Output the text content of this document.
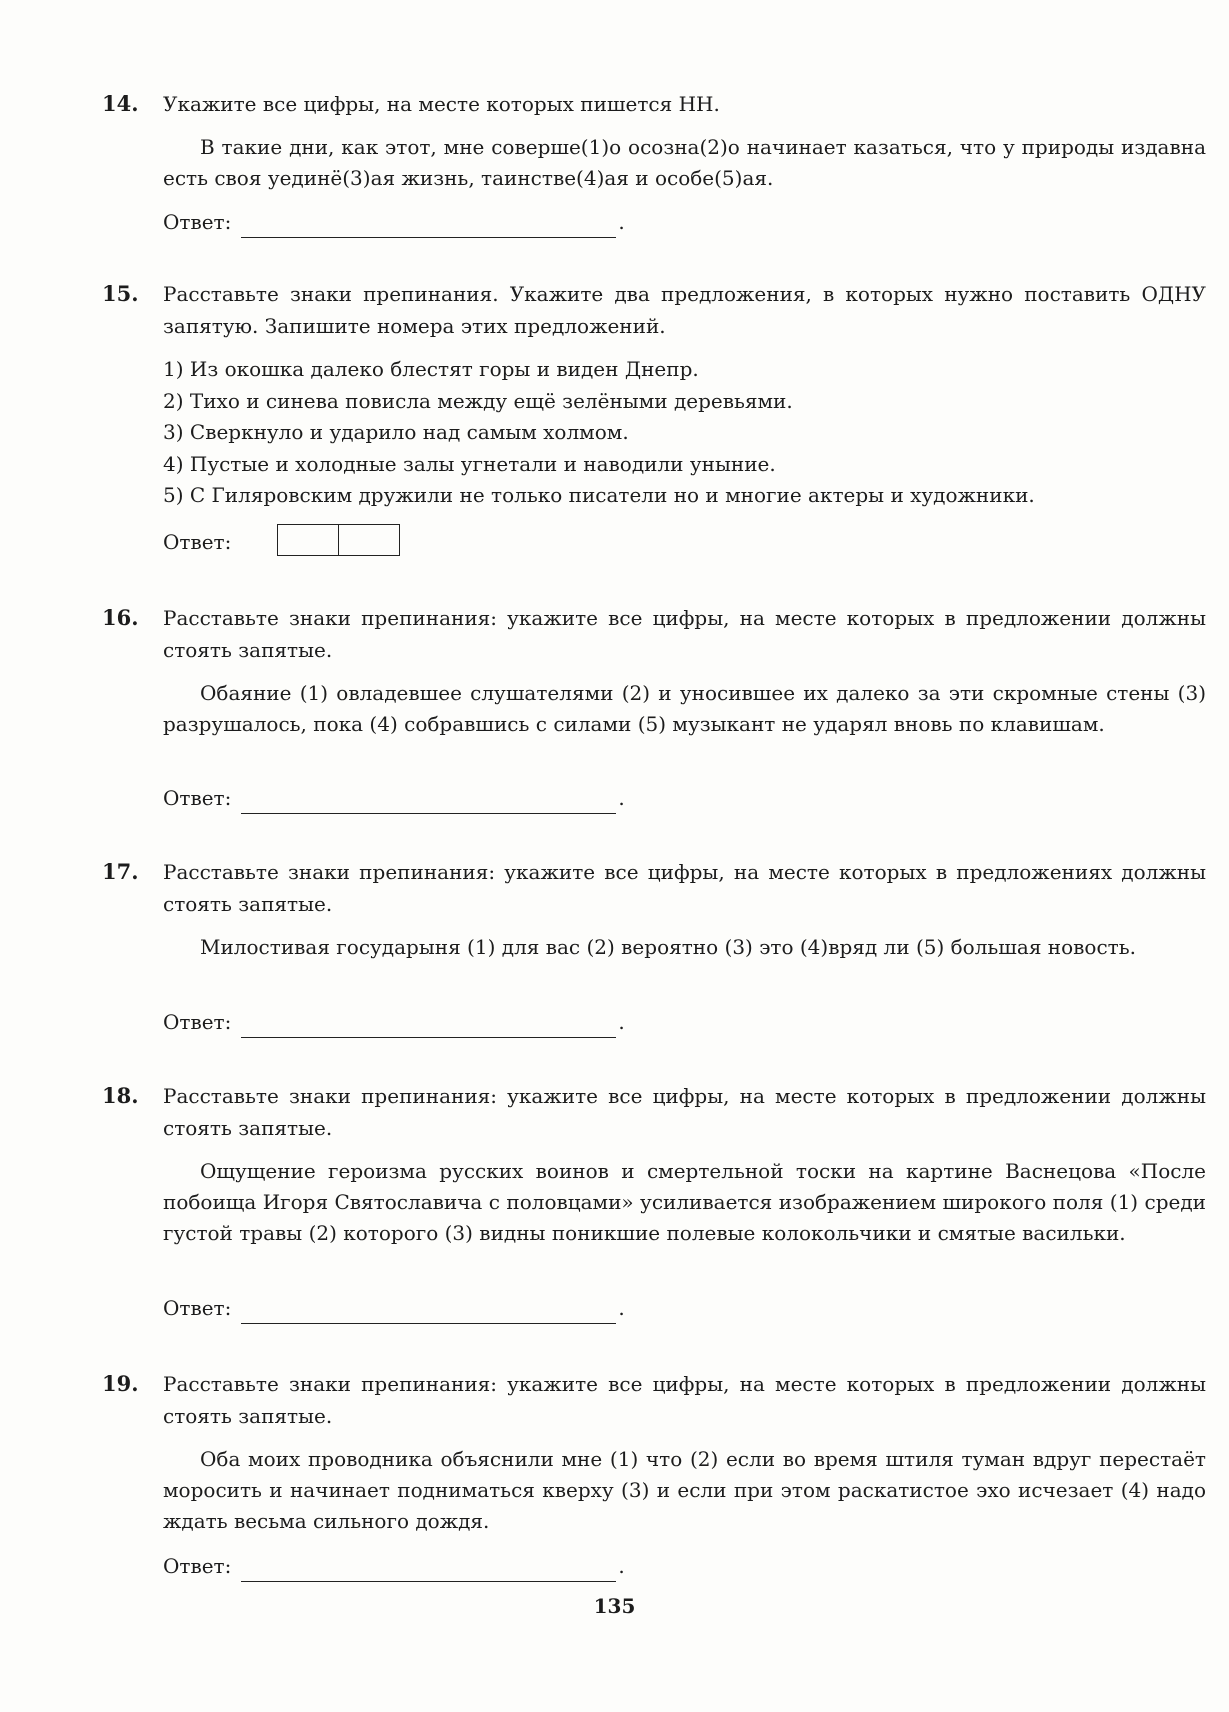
14. Укажите все цифры, на месте которых пишется НН.

В такие дни, как этот, мне соверше(1)о осозна(2)о начинает казаться, что у природы издавна есть своя уединё(3)ая жизнь, таинстве(4)ая и особе(5)ая.

Ответ:	.
15. Расставьте знаки препинания. Укажите два предложения, в которых нужно поставить ОДНУ запятую. Запишите номера этих предложений.

1) Из окошка далеко блестят горы и виден Днепр.
2) Тихо и синева повисла между ещё зелёными деревьями.
3) Сверкнуло и ударило над самым холмом.
4) Пустые и холодные залы угнетали и наводили уныние.
5) С Гиляровским дружили не только писатели но и многие актеры и художники.
Ответ:
16. Расставьте знаки препинания: укажите все цифры, на месте которых в предложении должны стоять запятые.

Обаяние (1) овладевшее слушателями (2) и уносившее их далеко за эти скромные стены (3) разрушалось, пока (4) собравшись с силами (5) музыкант не ударял вновь по клавишам.

Ответ:	.
17. Расставьте знаки препинания: укажите все цифры, на месте которых в предложениях должны стоять запятые.

Милостивая государыня (1) для вас (2) вероятно (3) это (4)вряд ли (5) большая новость.

Ответ:	.
18. Расставьте знаки препинания: укажите все цифры, на месте которых в предложении должны стоять запятые.

Ощущение героизма русских воинов и смертельной тоски на картине Васнецова «После побоища Игоря Святославича с половцами» усиливается изображением широкого поля (1) среди густой травы (2) которого (3) видны поникшие полевые колокольчики и смятые васильки.

Ответ:	.
19. Расставьте знаки препинания: укажите все цифры, на месте которых в предложении должны стоять запятые.

Оба моих проводника объяснили мне (1) что (2) если во время штиля туман вдруг перестаёт моросить и начинает подниматься кверху (3) и если при этом раскатистое эхо исчезает (4) надо ждать весьма сильного дождя.

Ответ:	.
135
